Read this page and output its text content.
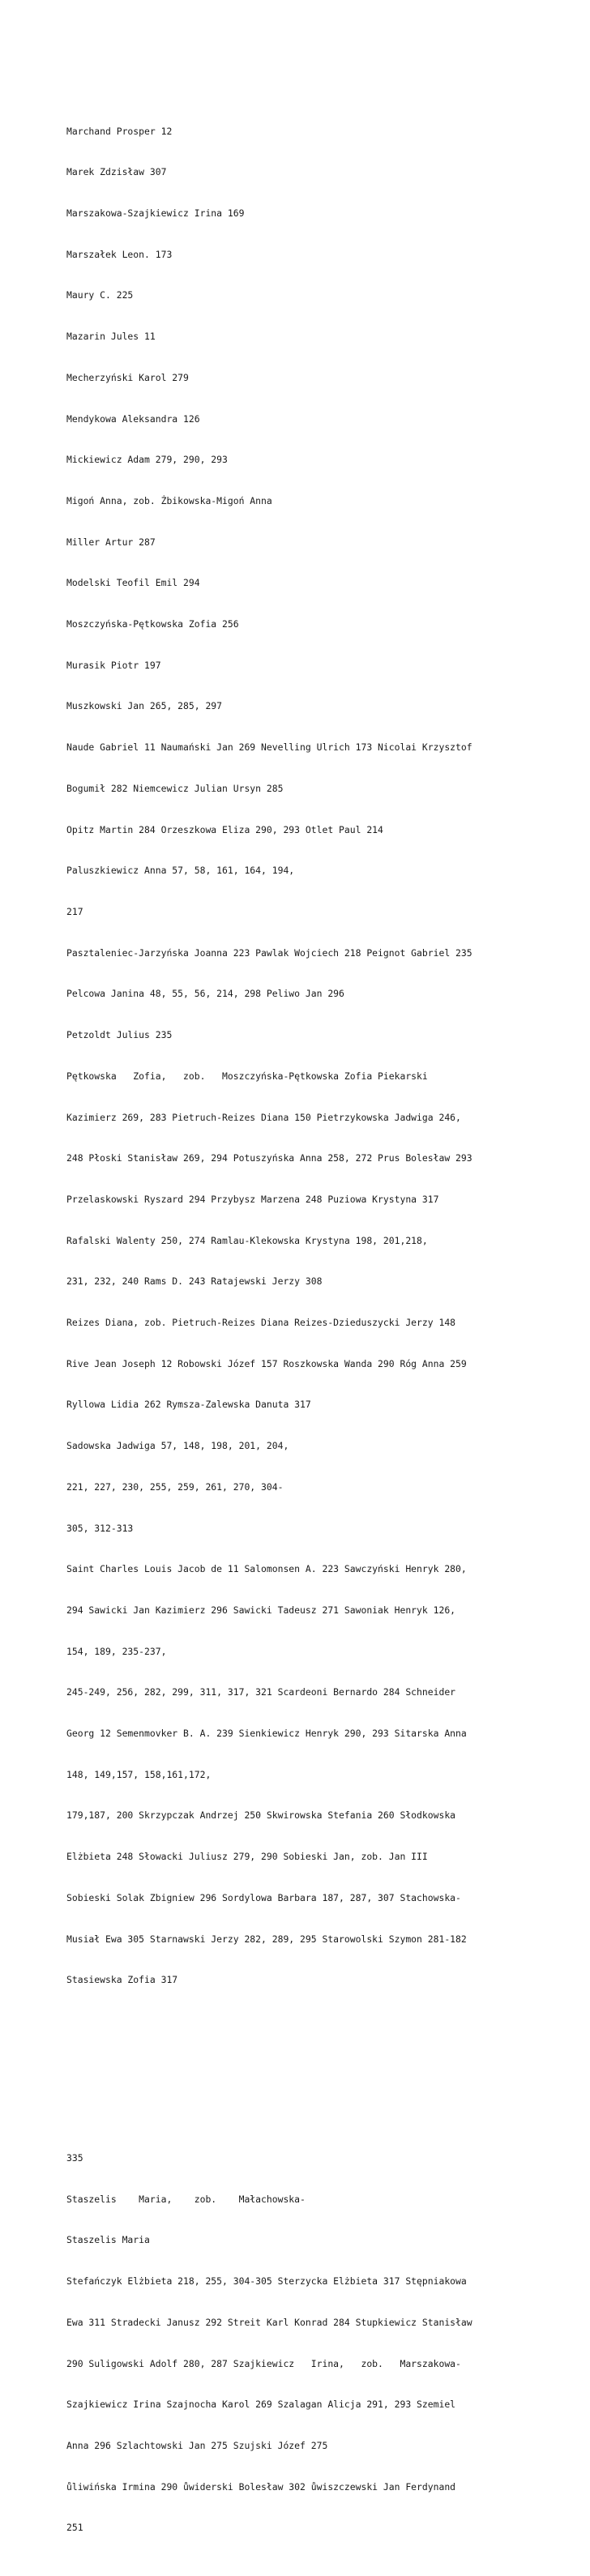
Marchand Prosper 12

Marek Zdzisław 307

Marszakowa-Szajkiewicz Irina 169

Marszałek Leon. 173

Maury C. 225

Mazarin Jules 11

Mecherzyński Karol 279

Mendykowa Aleksandra 126

Mickiewicz Adam 279, 290, 293

Migoń Anna, zob. Żbikowska-Migoń Anna

Miller Artur 287

Modelski Teofil Emil 294

Moszczyńska-Pętkowska Zofia 256

Murasik Piotr 197

Muszkowski Jan 265, 285, 297

Naude Gabriel 11 Naumański Jan 269 Nevelling Ulrich 173 Nicolai Krzysztof

Bogumił 282 Niemcewicz Julian Ursyn 285

Opitz Martin 284 Orzeszkowa Eliza 290, 293 Otlet Paul 214

Paluszkiewicz Anna 57, 58, 161, 164, 194,

217

Pasztaleniec-Jarzyńska Joanna 223 Pawlak Wojciech 218 Peignot Gabriel 235

Pelcowa Janina 48, 55, 56, 214, 298 Peliwo Jan 296

Petzoldt Julius 235

Pętkowska   Zofia,   zob.   Moszczyńska-Pętkowska Zofia Piekarski

Kazimierz 269, 283 Pietruch-Reizes Diana 150 Pietrzykowska Jadwiga 246,

248 Płoski Stanisław 269, 294 Potuszyńska Anna 258, 272 Prus Bolesław 293

Przelaskowski Ryszard 294 Przybysz Marzena 248 Puziowa Krystyna 317

Rafalski Walenty 250, 274 Ramlau-Klekowska Krystyna 198, 201,218,

231, 232, 240 Rams D. 243 Ratajewski Jerzy 308

Reizes Diana, zob. Pietruch-Reizes Diana Reizes-Dzieduszycki Jerzy 148

Rive Jean Joseph 12 Robowski Józef 157 Roszkowska Wanda 290 Róg Anna 259

Ryllowa Lidia 262 Rymsza-Zalewska Danuta 317

Sadowska Jadwiga 57, 148, 198, 201, 204,

221, 227, 230, 255, 259, 261, 270, 304-

305, 312-313

Saint Charles Louis Jacob de 11 Salomonsen A. 223 Sawczyński Henryk 280,

294 Sawicki Jan Kazimierz 296 Sawicki Tadeusz 271 Sawoniak Henryk 126,

154, 189, 235-237,

245-249, 256, 282, 299, 311, 317, 321 Scardeoni Bernardo 284 Schneider

Georg 12 Semenmovker B. A. 239 Sienkiewicz Henryk 290, 293 Sitarska Anna

148, 149,157, 158,161,172,

179,187, 200 Skrzypczak Andrzej 250 Skwirowska Stefania 260 Słodkowska

Elżbieta 248 Słowacki Juliusz 279, 290 Sobieski Jan, zob. Jan III

Sobieski Solak Zbigniew 296 Sordylowa Barbara 187, 287, 307 Stachowska-

Musiał Ewa 305 Starnawski Jerzy 282, 289, 295 Starowolski Szymon 281-182

Stasiewska Zofia 317

335

Staszelis    Maria,    zob.    Małachowska-

Staszelis Maria

Stefańczyk Elżbieta 218, 255, 304-305 Sterzycka Elżbieta 317 Stępniakowa

Ewa 311 Stradecki Janusz 292 Streit Karl Konrad 284 Stupkiewicz Stanisław

290 Suligowski Adolf 280, 287 Szajkiewicz   Irina,   zob.   Marszakowa-

Szajkiewicz Irina Szajnocha Karol 269 Szalagan Alicja 291, 293 Szemiel

Anna 296 Szlachtowski Jan 275 Szujski Józef 275

ůliwińska Irmina 290 ůwiderski Bolesław 302 ůwiszczewski Jan Ferdynand

251
